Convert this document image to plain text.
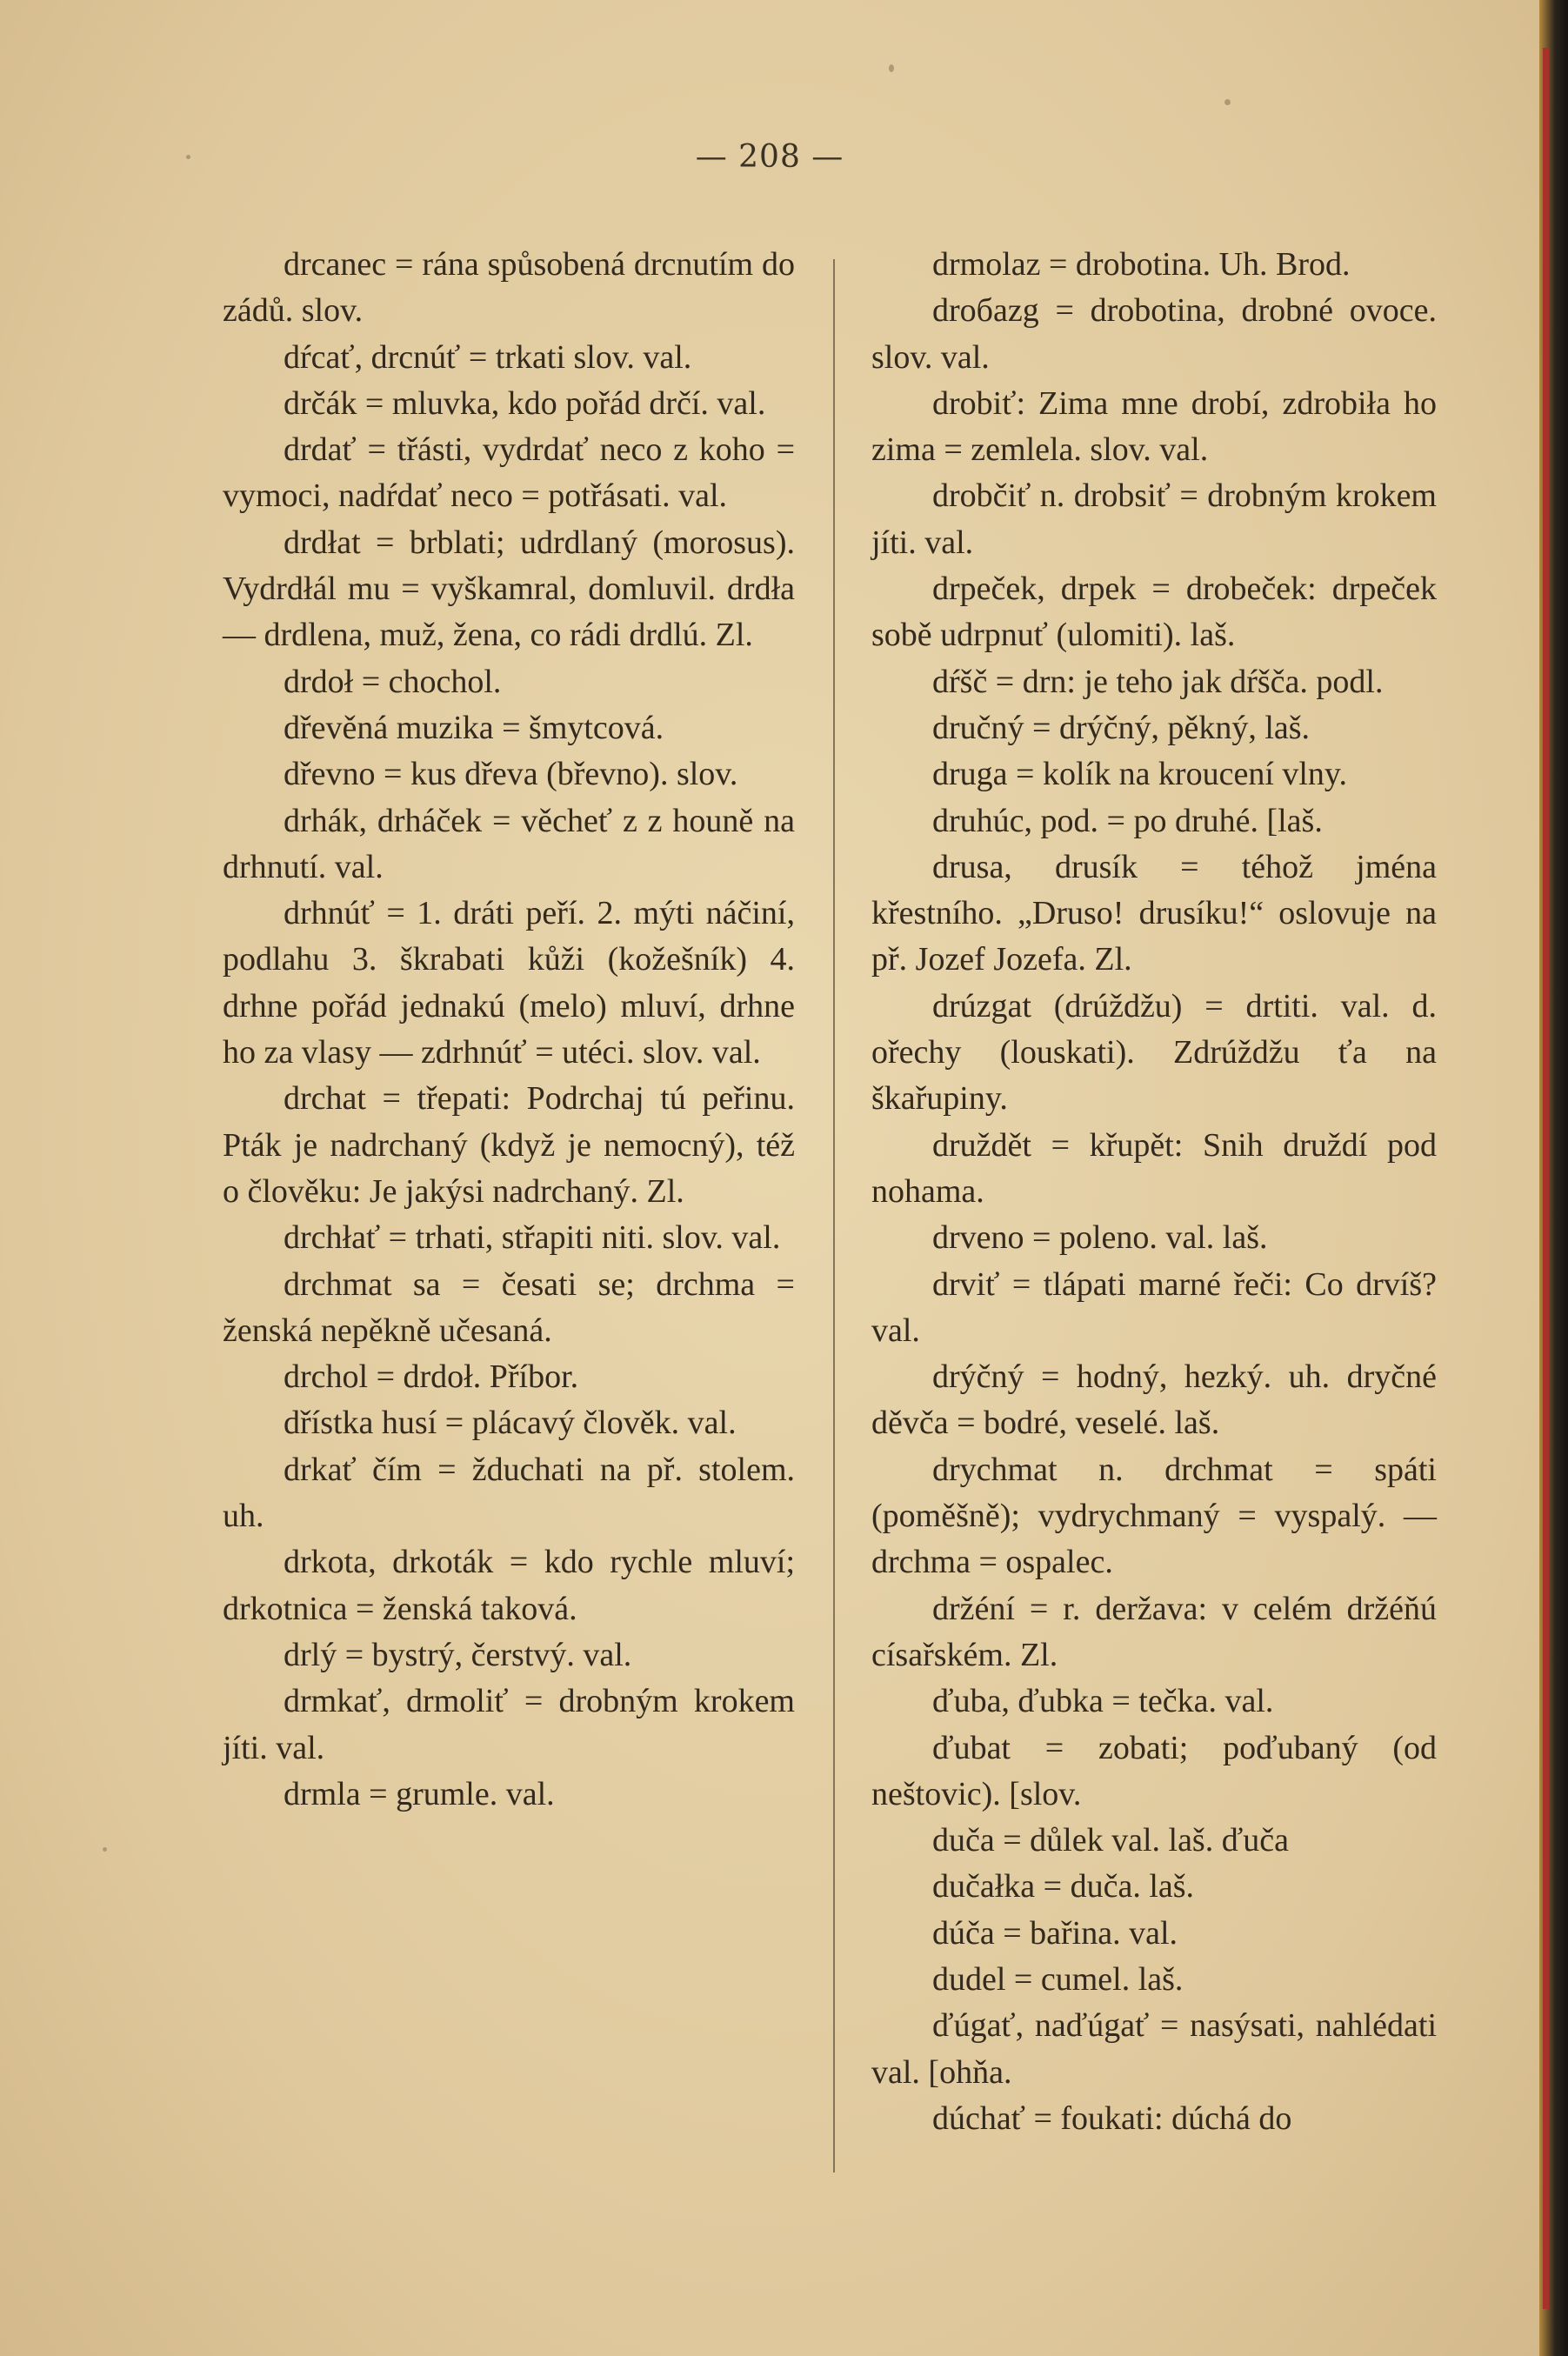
— 208 —

drcanec = rána spůsobená drcnutím do zádů. slov.

dŕcať, drcnúť = trkati slov. val.

drčák = mluvka, kdo pořád drčí. val.

drdať = třásti, vydrdať neco z koho = vymoci, nadŕdať neco = potřásati. val.

drdłat = brblati; udrdlaný (morosus). Vydrdłál mu = vyškamral, domluvil. drdła — drdlena, muž, žena, co rádi drdlú. Zl.

drdoł = chochol.

dřevěná muzika = šmytcová.

dřevno = kus dřeva (břevno). slov.

drhák, drháček = věcheť z z houně na drhnutí. val.

drhnúť = 1. dráti peří. 2. mýti náčiní, podlahu 3. škrabati kůži (kožešník) 4. drhne pořád jednakú (melo) mluví, drhne ho za vlasy — zdrhnúť = utéci. slov. val.

drchat = třepati: Podrchaj tú peřinu. Pták je nadrchaný (když je nemocný), též o člověku: Je jakýsi nadrchaný. Zl.

drchłať = trhati, střapiti niti. slov. val.

drchmat sa = česati se; drchma = ženská nepěkně učesaná.

drchol = drdoł. Příbor.

dřístka husí = plácavý člověk. val.

drkať čím = žduchati na př. stolem. uh.

drkota, drkoták = kdo rychle mluví; drkotnica = ženská taková.

drlý = bystrý, čerstvý. val.

drmkať, drmoliť = drobným krokem jíti. val.

drmla = grumle. val.

drmolaz = drobotina. Uh. Brod.

droбazg = drobotina, drobné ovoce. slov. val.

drobiť: Zima mne drobí, zdrobiła ho zima = zemlela. slov. val.

drobčiť n. drobsiť = drobným krokem jíti. val.

drpeček, drpek = drobeček: drpeček sobě udrpnuť (ulomiti). laš.

dŕšč = drn: je teho jak dŕšča. podl.

dručný = drýčný, pěkný, laš.

druga = kolík na kroucení vlny.

druhúc, pod. = po druhé. [laš.

drusa, drusík = téhož jména křestního. „Druso! drusíku!“ oslovuje na př. Jozef Jozefa. Zl.

drúzgat (drúždžu) = drtiti. val. d. ořechy (louskati). Zdrúždžu ťa na škařupiny.

druždět = křupět: Snih druždí pod nohama.

drveno = poleno. val. laš.

drviť = tlápati marné řeči: Co drvíš? val.

drýčný = hodný, hezký. uh. dryčné děvča = bodré, veselé. laš.

drychmat n. drchmat = spáti (poměšně); vydrychmaný = vyspalý. — drchma = ospalec.

držéní = r. deržava: v celém držéňú císařském. Zl.

ďuba, ďubka = tečka. val.

ďubat = zobati; poďubaný (od neštovic). [slov.

duča = důlek val. laš. ďuča

dučałka = duča. laš.

dúča = bařina. val.

dudel = cumel. laš.

ďúgať, naďúgať = nasýsati, nahlédati val. [ohňa.

dúchať = foukati: dúchá do
